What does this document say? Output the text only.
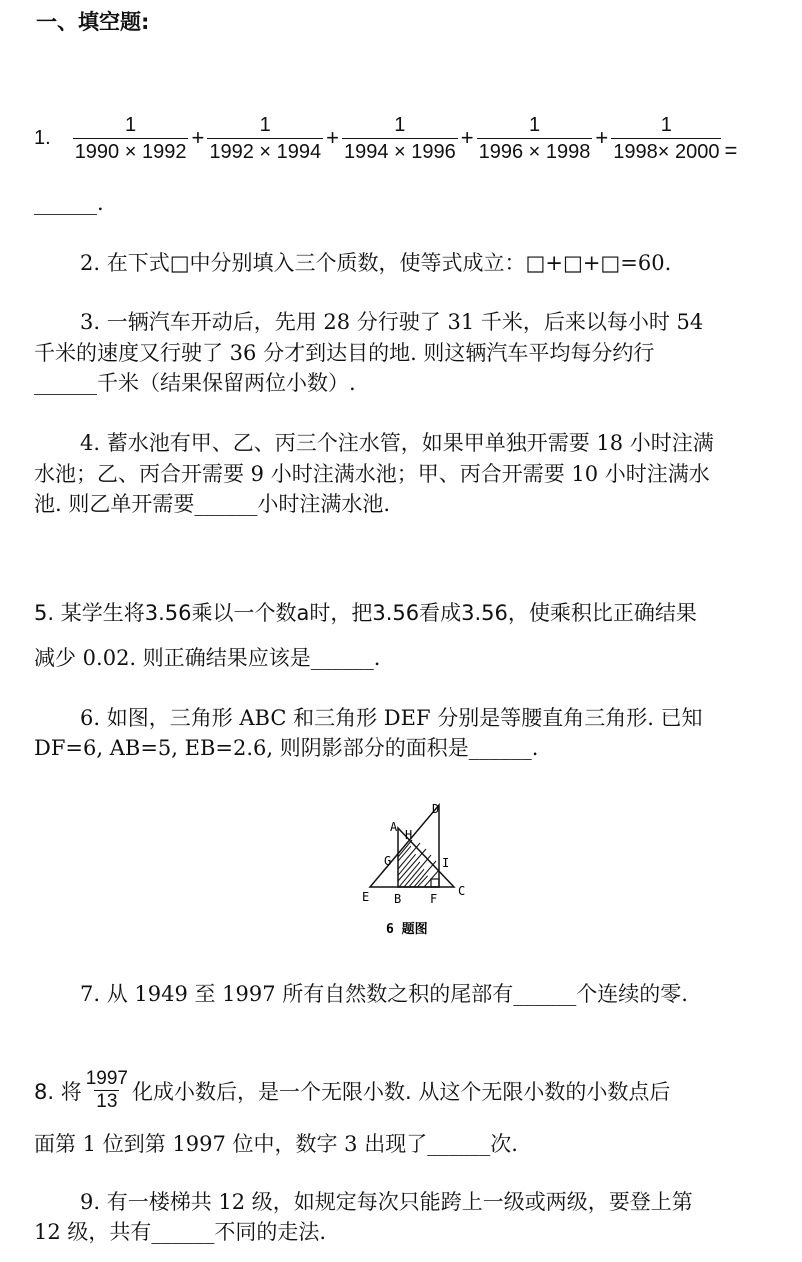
一、填空题:
1. $\frac{1}{1990 \times 1992} + \frac{1}{1992 \times 1994} + \frac{1}{1994 \times 1996} + \frac{1}{1996 \times 1998} + \frac{1}{1998\times 2000}$ =
______.
2. 在下式□中分别填入三个质数，使等式成立：□+□+□=60.
3. 一辆汽车开动后，先用 28 分行驶了 31 千米，后来以每小时 54
千米的速度又行驶了 36 分才到达目的地. 则这辆汽车平均每分约行
______千米（结果保留两位小数）.
4. 蓄水池有甲、乙、丙三个注水管，如果甲单独开需要 18 小时注满
水池；乙、丙合开需要 9 小时注满水池；甲、丙合开需要 10 小时注满水
池. 则乙单开需要______小时注满水池.
5. 某学生将3.56乘以一个数a时，把3.56看成3.56，使乘积比正确结果
减少 0.02. 则正确结果应该是______.
6. 如图，三角形 ABC 和三角形 DEF 分别是等腰直角三角形. 已知
DF=6, AB=5, EB=2.6, 则阴影部分的面积是______.
D
A
H
G	I
E B F
C
6 题图
7. 从 1949 至 1997 所有自然数之积的尾部有______个连续的零.
8. 将 $\frac{1997}{13}$ 化成小数后，是一个无限小数. 从这个无限小数的小数点后
面第 1 位到第 1997 位中，数字 3 出现了______次.
9. 有一楼梯共 12 级，如规定每次只能跨上一级或两级，要登上第
12 级，共有______不同的走法.
